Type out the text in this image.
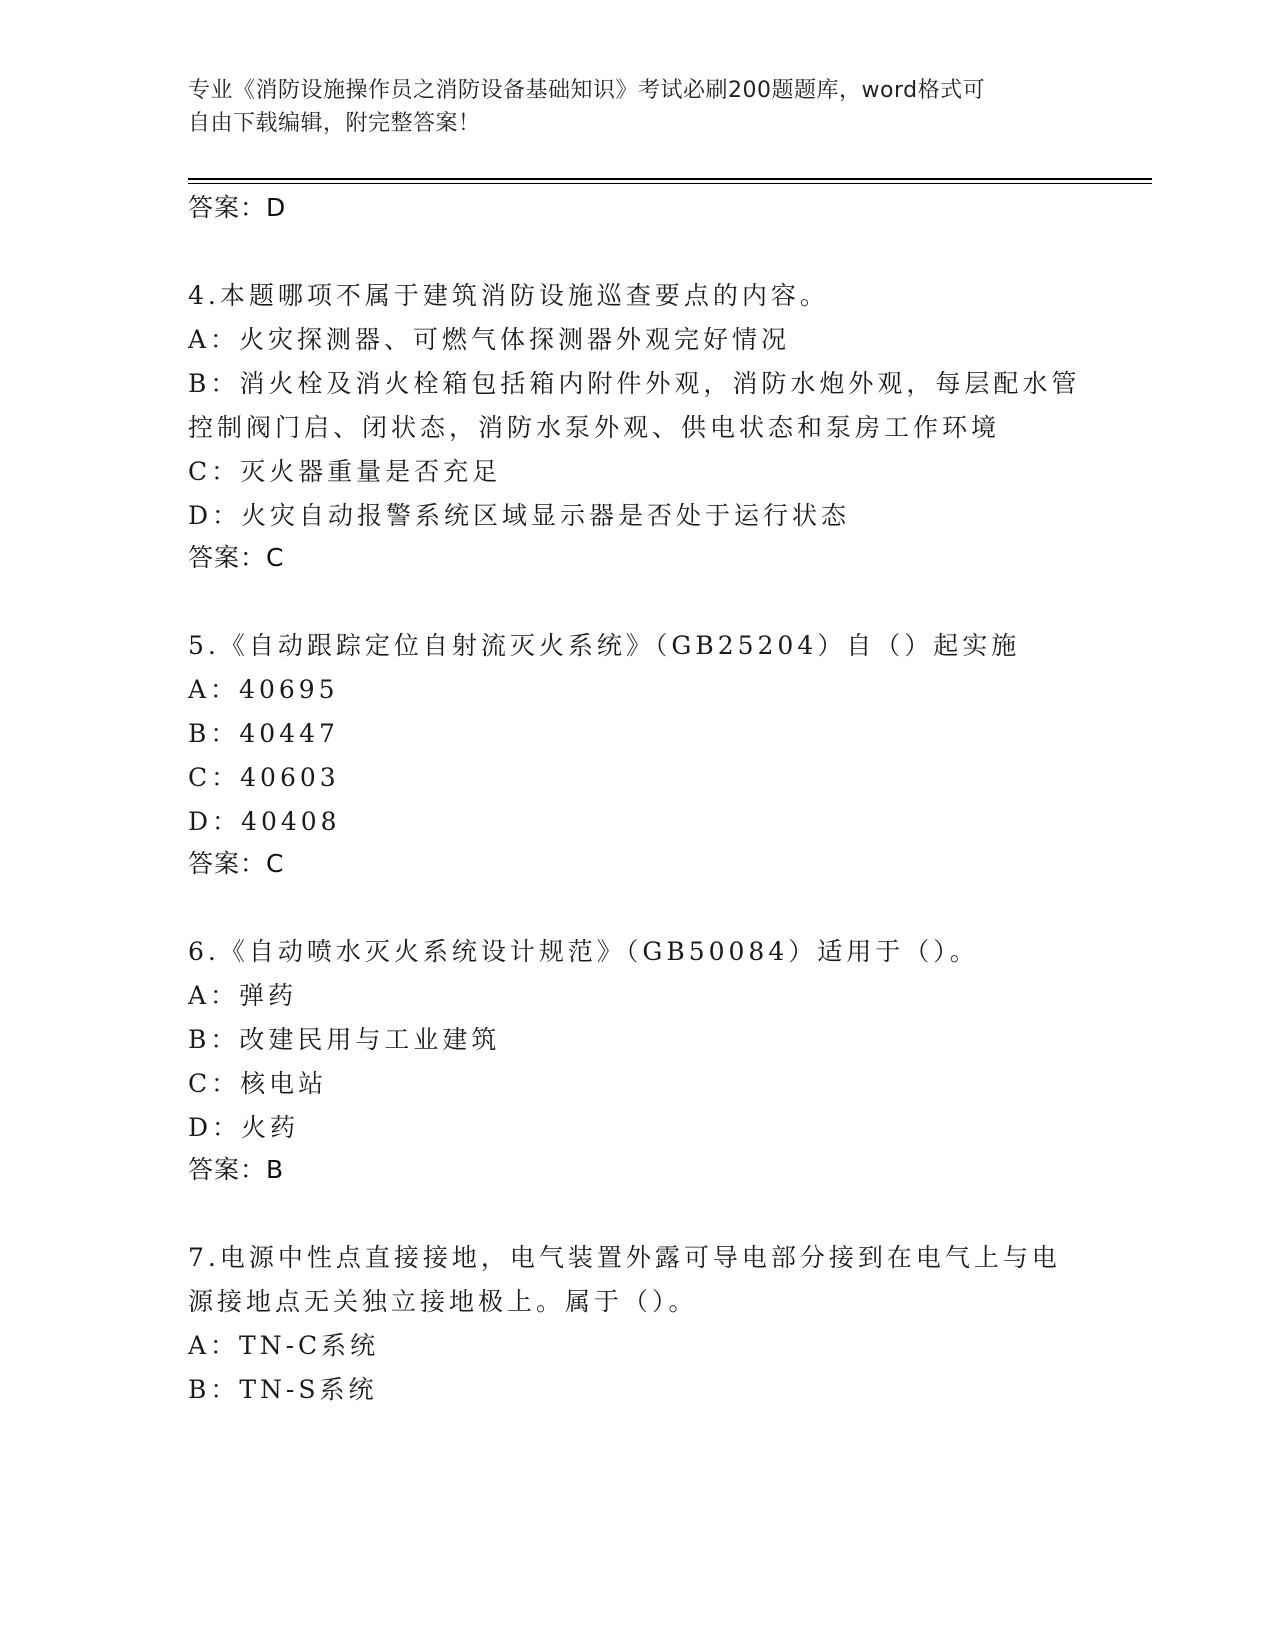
专业《消防设施操作员之消防设备基础知识》考试必刷200题题库，word格式可
自由下载编辑，附完整答案！
答案：D
4.本题哪项不属于建筑消防设施巡查要点的内容。
A：火灾探测器、可燃气体探测器外观完好情况
B：消火栓及消火栓箱包括箱内附件外观，消防水炮外观，每层配水管
控制阀门启、闭状态，消防水泵外观、供电状态和泵房工作环境
C：灭火器重量是否充足
D：火灾自动报警系统区域显示器是否处于运行状态
答案：C
5.《自动跟踪定位自射流灭火系统》（GB25204）自（）起实施
A：40695
B：40447
C：40603
D：40408
答案：C
6.《自动喷水灭火系统设计规范》（GB50084）适用于（）。
A：弹药
B：改建民用与工业建筑
C：核电站
D：火药
答案：B
7.电源中性点直接接地，电气装置外露可导电部分接到在电气上与电
源接地点无关独立接地极上。属于（）。
A：TN-C系统
B：TN-S系统
